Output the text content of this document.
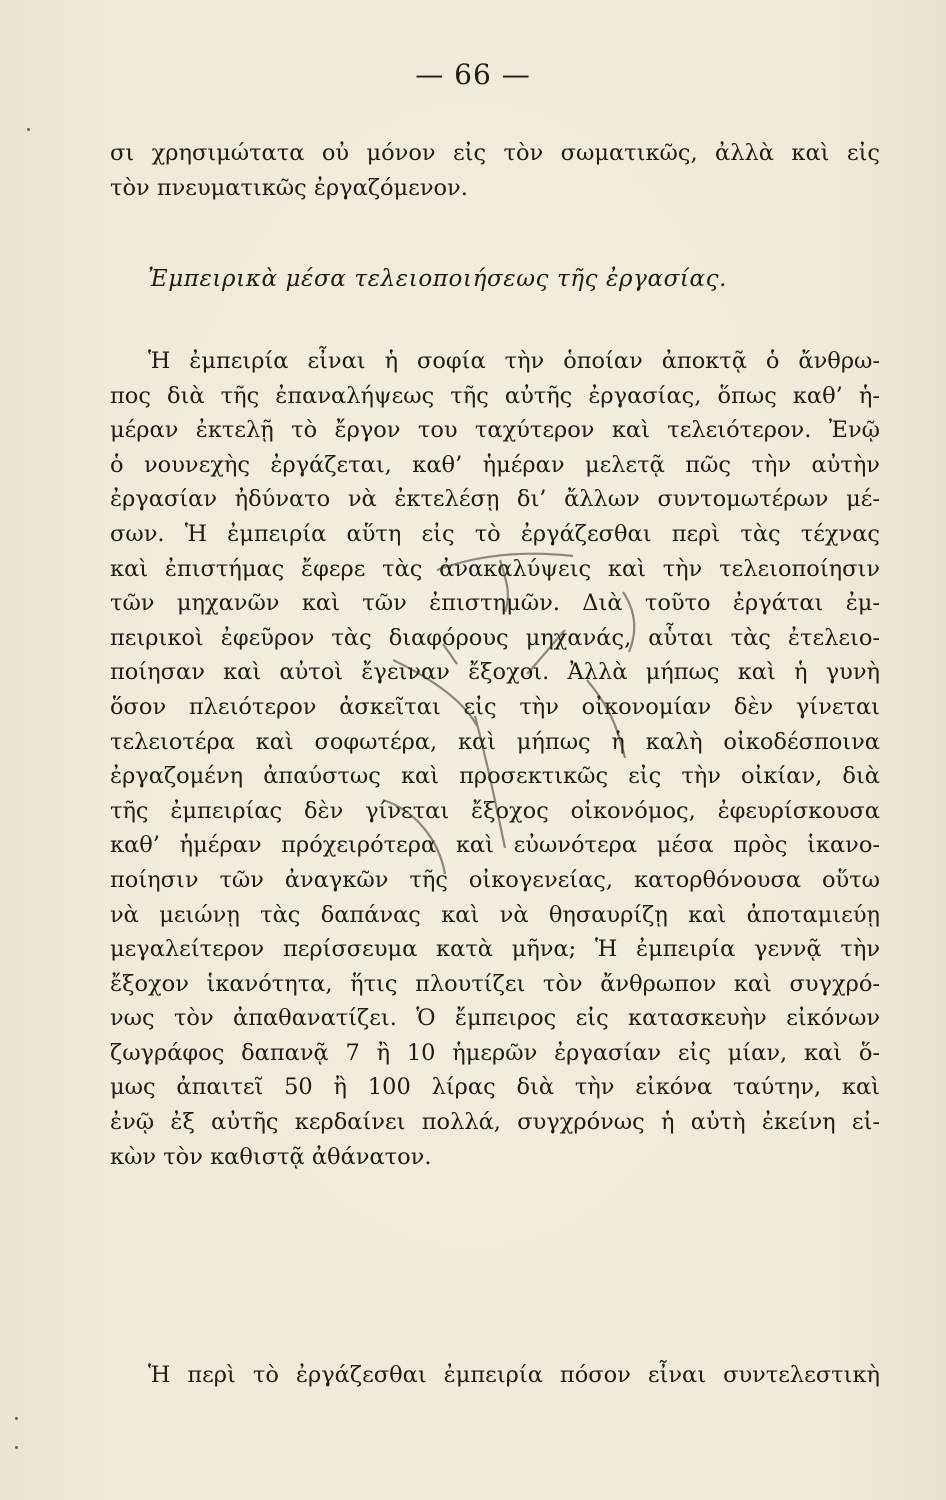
— 66 —
σι χρησιμώτατα οὐ μόνον εἰς τὸν σωματικῶς, ἀλλὰ καὶ εἰς
τὸν πνευματικῶς ἐργαζόμενον.
Ἐμπειρικὰ μέσα τελειοποιήσεως τῆς ἐργασίας.
Ἡ ἐμπειρία εἶναι ἡ σοφία τὴν ὁποίαν ἀποκτᾷ ὁ ἄνθρω-
πος διὰ τῆς ἐπαναλήψεως τῆς αὐτῆς ἐργασίας, ὅπως καθ’ ἡ-
μέραν ἐκτελῇ τὸ ἔργον του ταχύτερον καὶ τελειότερον. Ἐνῷ
ὁ νουνεχὴς ἐργάζεται, καθ’ ἡμέραν μελετᾷ πῶς τὴν αὐτὴν
ἐργασίαν ἠδύνατο νὰ ἐκτελέσῃ δι’ ἄλλων συντομωτέρων μέ-
σων. Ἡ ἐμπειρία αὕτη εἰς τὸ ἐργάζεσθαι περὶ τὰς τέχνας
καὶ ἐπιστήμας ἔφερε τὰς ἀνακαλύψεις καὶ τὴν τελειοποίησιν
τῶν μηχανῶν καὶ τῶν ἐπιστημῶν. Διὰ τοῦτο ἐργάται ἐμ-
πειρικοὶ ἐφεῦρον τὰς διαφόρους μηχανάς, αὗται τὰς ἐτελειο-
ποίησαν καὶ αὐτοὶ ἔγειναν ἔξοχοι. Ἀλλὰ μήπως καὶ ἡ γυνὴ
ὅσον πλειότερον ἀσκεῖται εἰς τὴν οἰκονομίαν δὲν γίνεται
τελειοτέρα καὶ σοφωτέρα, καὶ μήπως ἡ καλὴ οἰκοδέσποινα
ἐργαζομένη ἀπαύστως καὶ προσεκτικῶς εἰς τὴν οἰκίαν, διὰ
τῆς ἐμπειρίας δὲν γίνεται ἔξοχος οἰκονόμος, ἐφευρίσκουσα
καθ’ ἡμέραν πρόχειρότερα καὶ εὐωνότερα μέσα πρὸς ἱκανο-
ποίησιν τῶν ἀναγκῶν τῆς οἰκογενείας, κατορθόνουσα οὕτω
νὰ μειώνῃ τὰς δαπάνας καὶ νὰ θησαυρίζῃ καὶ ἀποταμιεύῃ
μεγαλείτερον περίσσευμα κατὰ μῆνα; Ἡ ἐμπειρία γεννᾷ τὴν
ἔξοχον ἱκανότητα, ἥτις πλουτίζει τὸν ἄνθρωπον καὶ συγχρό-
νως τὸν ἀπαθανατίζει. Ὁ ἔμπειρος εἰς κατασκευὴν εἰκόνων
ζωγράφος δαπανᾷ 7 ἢ 10 ἡμερῶν ἐργασίαν εἰς μίαν, καὶ ὅ-
μως ἀπαιτεῖ 50 ἢ 100 λίρας διὰ τὴν εἰκόνα ταύτην, καὶ
ἐνῷ ἐξ αὐτῆς κερδαίνει πολλά, συγχρόνως ἡ αὐτὴ ἐκείνη εἰ-
κὼν τὸν καθιστᾷ ἀθάνατον.
Ἡ περὶ τὸ ἐργάζεσθαι ἐμπειρία πόσον εἶναι συντελεστικὴ
